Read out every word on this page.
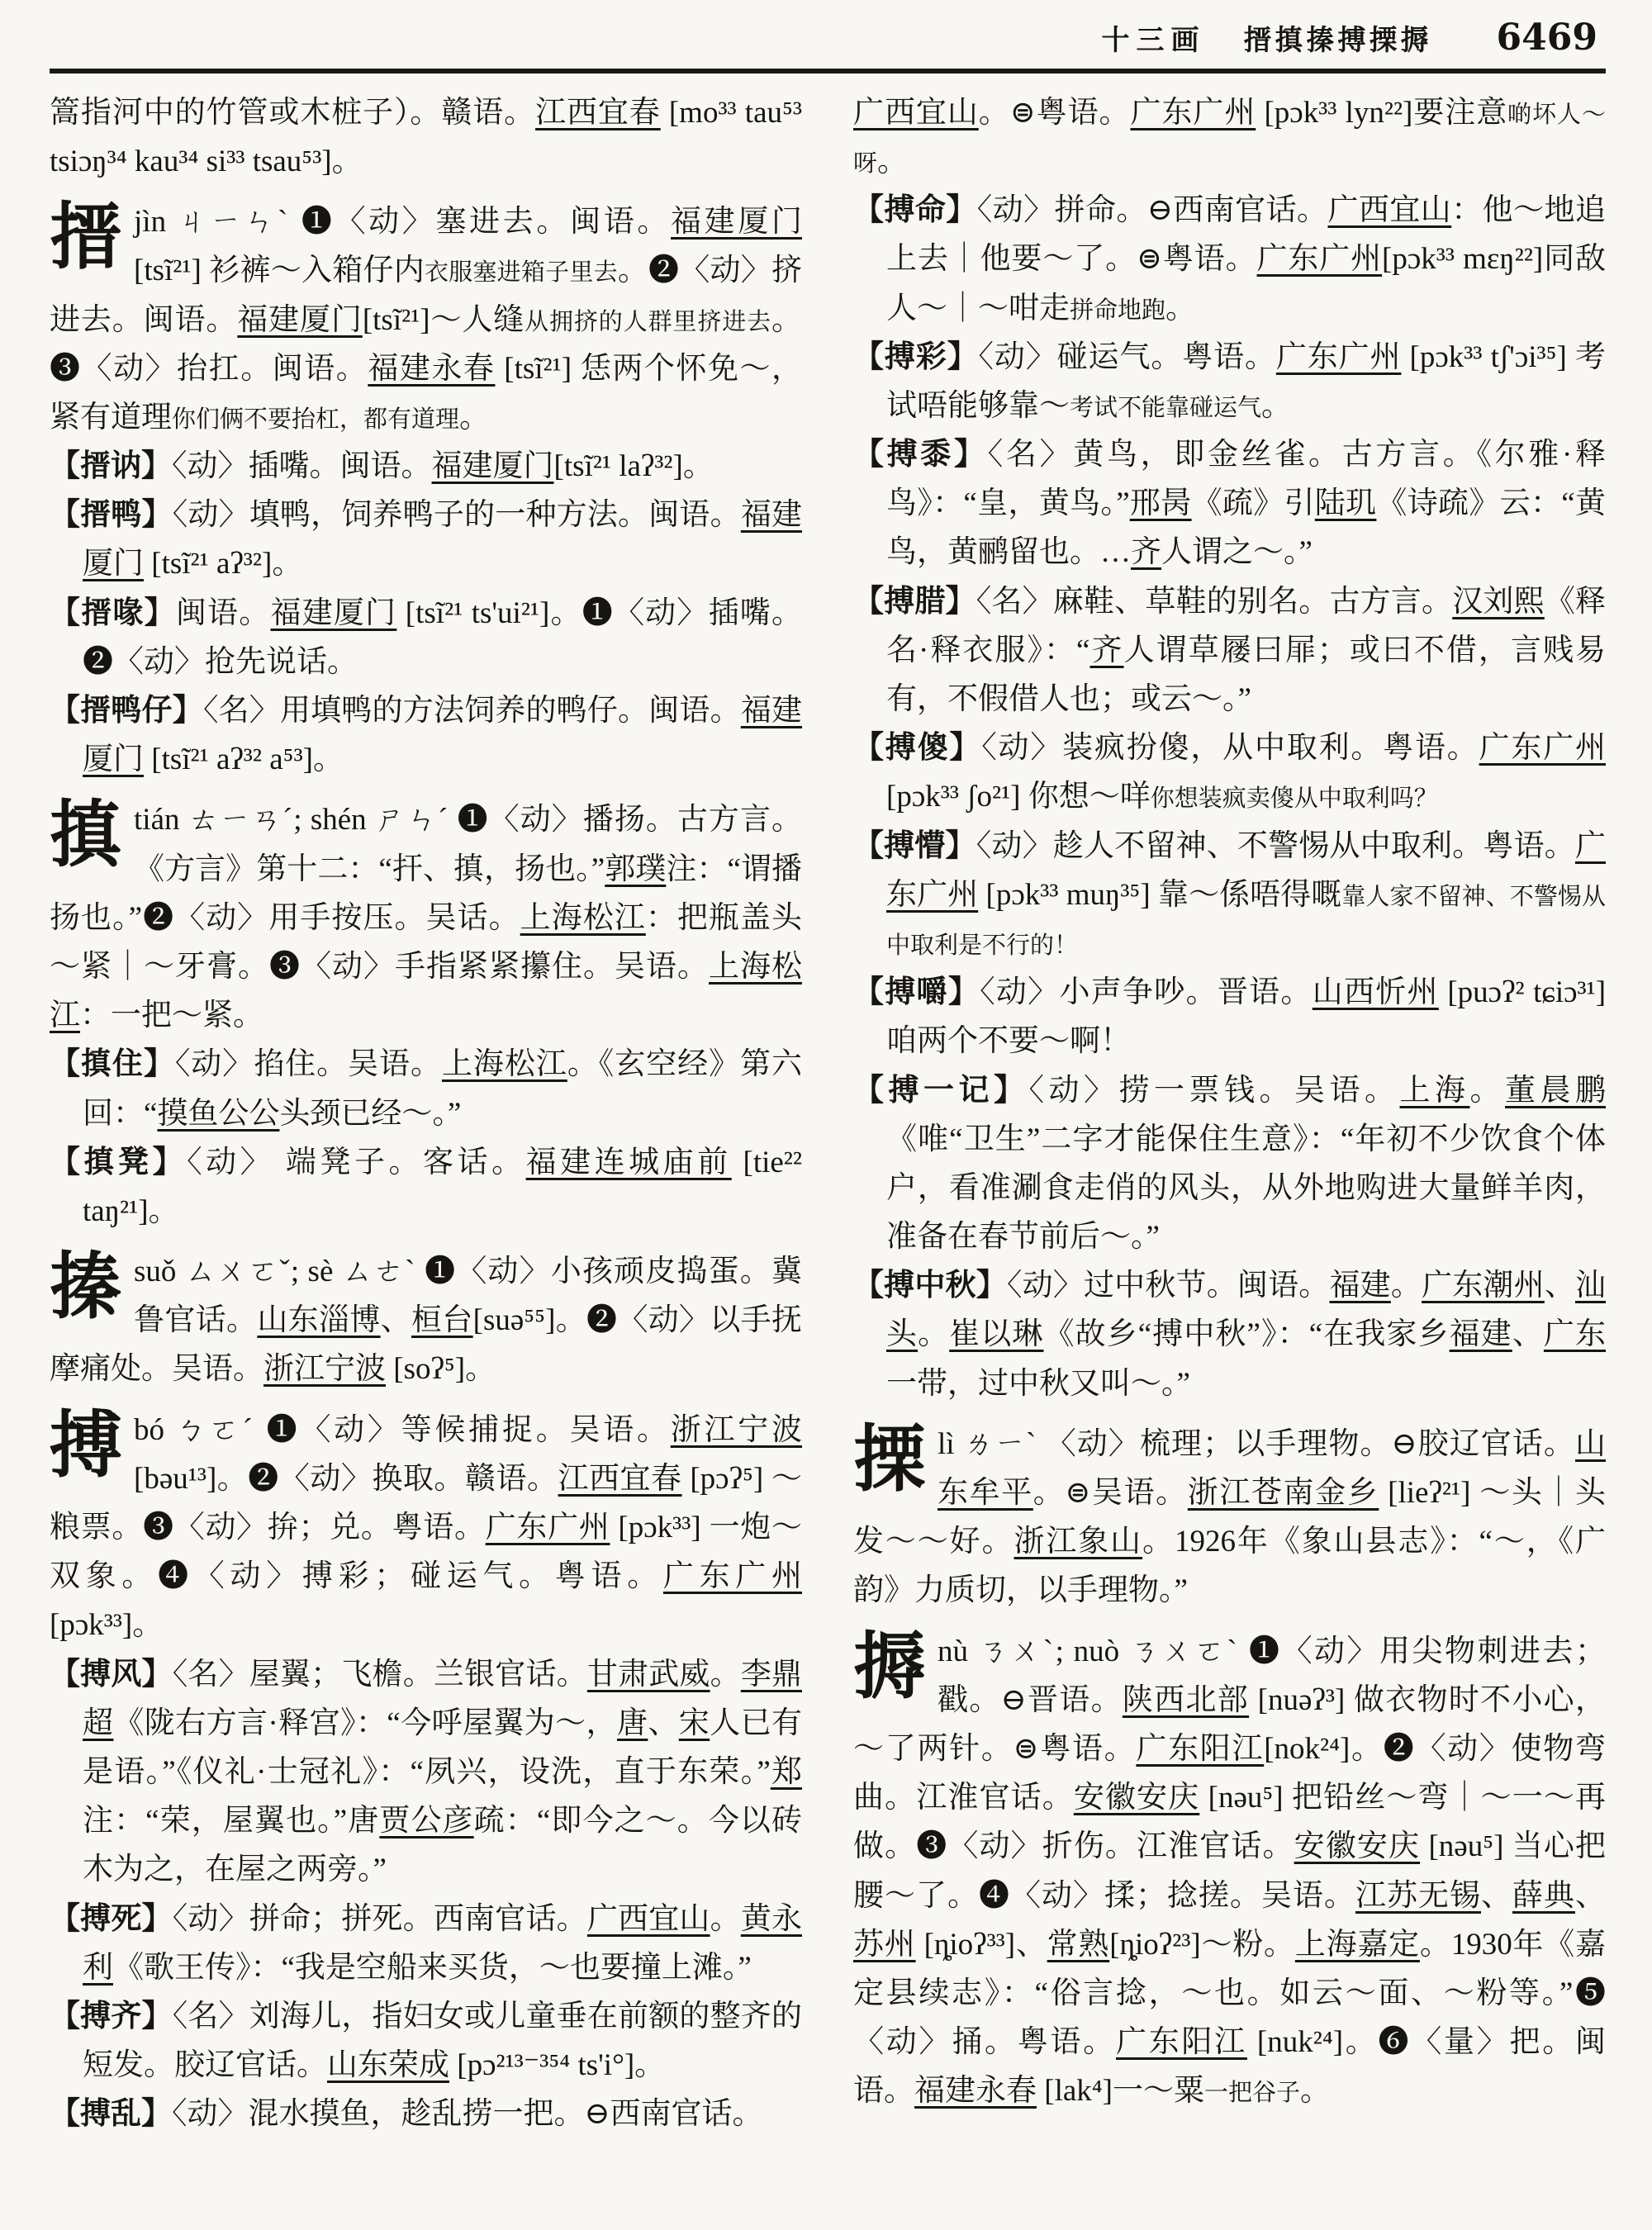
十三画 搢搷搸搏搮搙 6469

篙指河中的竹管或木桩子）。赣语。江西宜春 [mo³³ tau⁵³ tsiɔŋ³⁴ kau³⁴ si³³ tsau⁵³]。

搢 jìn ㄐㄧㄣˋ ❶〈动〉塞进去。闽语。福建厦门 [tsĩ²¹] 衫裤～入箱仔内衣服塞进箱子里去。❷〈动〉挤进去。闽语。福建厦门[tsĩ²¹]～人缝从拥挤的人群里挤进去。❸〈动〉抬扛。闽语。福建永春 [tsĩ²¹] 恁两个怀免～，紧有道理你们俩不要抬杠，都有道理。

【搢讷】〈动〉插嘴。闽语。福建厦门[tsĩ²¹ laʔ³²]。

【搢鸭】〈动〉填鸭，饲养鸭子的一种方法。闽语。福建厦门 [tsĩ²¹ aʔ³²]。

【搢喙】闽语。福建厦门 [tsĩ²¹ ts'ui²¹]。❶〈动〉插嘴。❷〈动〉抢先说话。

【搢鸭仔】〈名〉用填鸭的方法饲养的鸭仔。闽语。福建厦门 [tsĩ²¹ aʔ³² a⁵³]。

搷 tián ㄊㄧㄢˊ; shén ㄕㄣˊ ❶〈动〉播扬。古方言。《方言》第十二：“扞、搷，扬也。”郭璞注：“谓播扬也。”❷〈动〉用手按压。吴话。上海松江：把瓶盖头～紧｜～牙膏。❸〈动〉手指紧紧攥住。吴语。上海松江：一把～紧。

【搷住】〈动〉掐住。吴语。上海松江。《玄空经》第六回：“摸鱼公公头颈已经～。”

【搷凳】〈动〉 端凳子。客话。福建连城庙前 [tie²² taŋ²¹]。

搸 suǒ ㄙㄨㄛˇ; sè ㄙㄜˋ ❶〈动〉小孩顽皮捣蛋。冀鲁官话。山东淄博、桓台[suə⁵⁵]。❷〈动〉以手抚摩痛处。吴语。浙江宁波 [soʔ⁵]。

搏 bó ㄅㄛˊ ❶〈动〉等候捕捉。吴语。浙江宁波[bəu¹³]。❷〈动〉换取。赣语。江西宜春 [pɔʔ⁵] ～粮票。❸〈动〉拚；兑。粤语。广东广州 [pɔk³³] 一炮～双象。❹〈动〉搏彩；碰运气。粤语。广东广州 [pɔk³³]。

【搏风】〈名〉屋翼；飞檐。兰银官话。甘肃武威。李鼎超《陇右方言·释宫》：“今呼屋翼为～，唐、宋人已有是语。”《仪礼·士冠礼》：“夙兴，设洗，直于东荣。”郑注：“荣，屋翼也。”唐贾公彦疏：“即今之～。今以砖木为之，在屋之两旁。”

【搏死】〈动〉拼命；拼死。西南官话。广西宜山。黄永利《歌王传》：“我是空船来买货，～也要撞上滩。”

【搏齐】〈名〉刘海儿，指妇女或儿童垂在前额的整齐的短发。胶辽官话。山东荣成 [pɔ²¹³⁻³⁵⁴ ts'i°]。

【搏乱】〈动〉混水摸鱼，趁乱捞一把。⊖西南官话。

广西宜山。⊜粤语。广东广州 [pɔk³³ lyn²²]要注意啲坏人～呀。

【搏命】〈动〉拼命。⊖西南官话。广西宜山：他～地追上去｜他要～了。⊜粤语。广东广州[pɔk³³ mɛŋ²²]同敌人～｜～咁走拼命地跑。

【搏彩】〈动〉碰运气。粤语。广东广州 [pɔk³³ tʃ'ɔi³⁵] 考试唔能够靠～考试不能靠碰运气。

【搏黍】〈名〉黄鸟，即金丝雀。古方言。《尔雅·释鸟》：“皇，黄鸟。”邢昺《疏》引陆玑《诗疏》云：“黄鸟，黄鹂留也。…齐人谓之～。”

【搏腊】〈名〉麻鞋、草鞋的别名。古方言。汉刘熙《释名·释衣服》：“齐人谓草屦曰屝；或曰不借，言贱易有，不假借人也；或云～。”

【搏傻】〈动〉装疯扮傻，从中取利。粤语。广东广州 [pɔk³³ ʃo²¹] 你想～咩你想装疯卖傻从中取利吗？

【搏懵】〈动〉趁人不留神、不警惕从中取利。粤语。广东广州 [pɔk³³ muŋ³⁵] 靠～係唔得嘅靠人家不留神、不警惕从中取利是不行的！

【搏嚼】〈动〉小声争吵。晋语。山西忻州 [puɔʔ² tɕiɔ³¹] 咱两个不要～啊！

【搏一记】〈动〉捞一票钱。吴语。上海。董晨鹏《唯“卫生”二字才能保住生意》：“年初不少饮食个体户，看准涮食走俏的风头，从外地购进大量鲜羊肉，准备在春节前后～。”

【搏中秋】〈动〉过中秋节。闽语。福建。广东潮州、汕头。崔以琳《故乡“搏中秋”》：“在我家乡福建、广东一带，过中秋又叫～。”

搮 lì ㄌㄧˋ 〈动〉梳理；以手理物。⊖胶辽官话。山东牟平。⊜吴语。浙江苍南金乡 [lieʔ²¹] ～头｜头发～～好。浙江象山。1926年《象山县志》：“～，《广韵》力质切，以手理物。”

搙 nù ㄋㄨˋ; nuò ㄋㄨㄛˋ ❶〈动〉用尖物刺进去；戳。⊖晋语。陕西北部 [nuəʔ³] 做衣物时不小心，～了两针。⊜粤语。广东阳江[nok²⁴]。❷〈动〉使物弯曲。江淮官话。安徽安庆 [nəu⁵] 把铅丝～弯｜～一～再做。❸〈动〉折伤。江淮官话。安徽安庆 [nəu⁵] 当心把腰～了。❹〈动〉揉；捻搓。吴语。江苏无锡、薛典、苏州 [ȵioʔ³³]、常熟[ȵioʔ²³]～粉。上海嘉定。1930年《嘉定县续志》：“俗言捻，～也。如云～面、～粉等。”❺〈动〉捅。粤语。广东阳江 [nuk²⁴]。❻〈量〉把。闽语。福建永春 [lak⁴]一～粟一把谷子。
